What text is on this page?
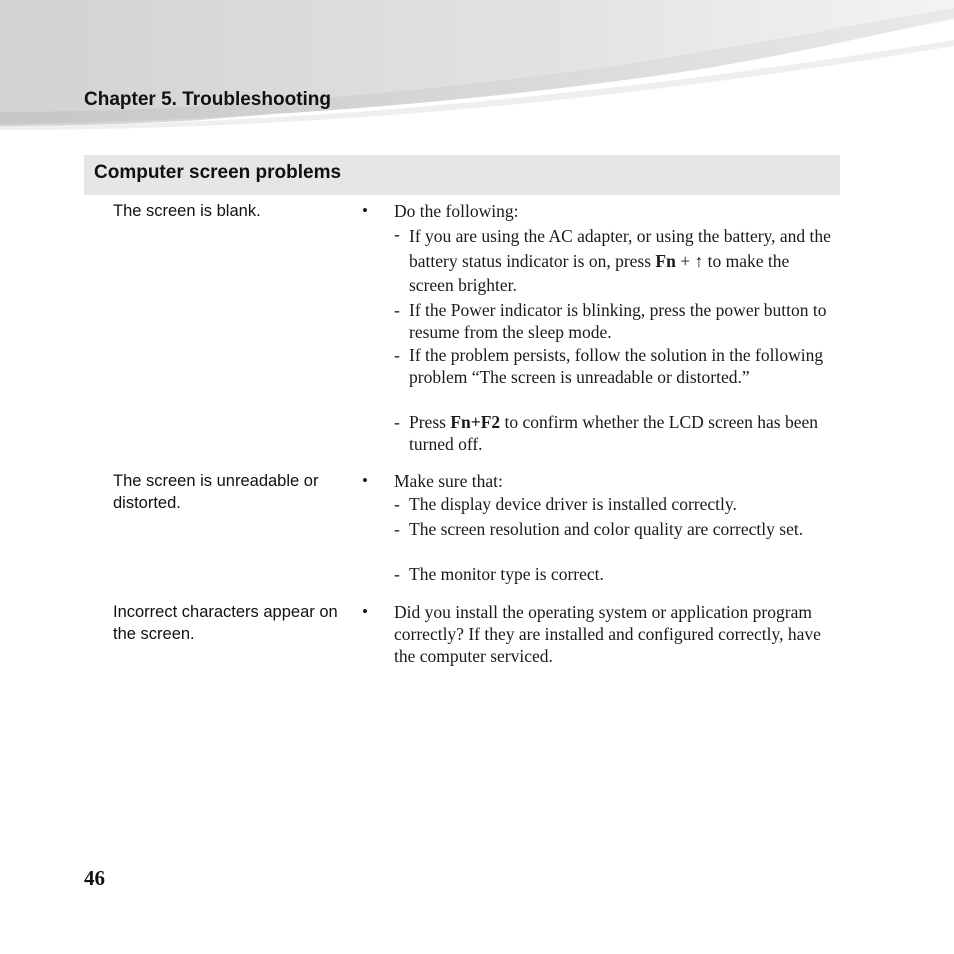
Chapter 5. Troubleshooting
Computer screen problems
The screen is blank.	• Do the following:
- If you are using the AC adapter, or using the battery, and the battery status indicator is on, press Fn + ↑ to make the screen brighter.
- If the Power indicator is blinking, press the power button to resume from the sleep mode.
- If the problem persists, follow the solution in the following problem “The screen is unreadable or distorted.”
- Press Fn+F2 to confirm whether the LCD screen has been turned off.
The screen is unreadable or distorted.
• Make sure that:
- The display device driver is installed correctly.
- The screen resolution and color quality are correctly set.
- The monitor type is correct.
Incorrect characters appear on the screen.
• Did you install the operating system or application program correctly? If they are installed and configured correctly, have the computer serviced.
46
